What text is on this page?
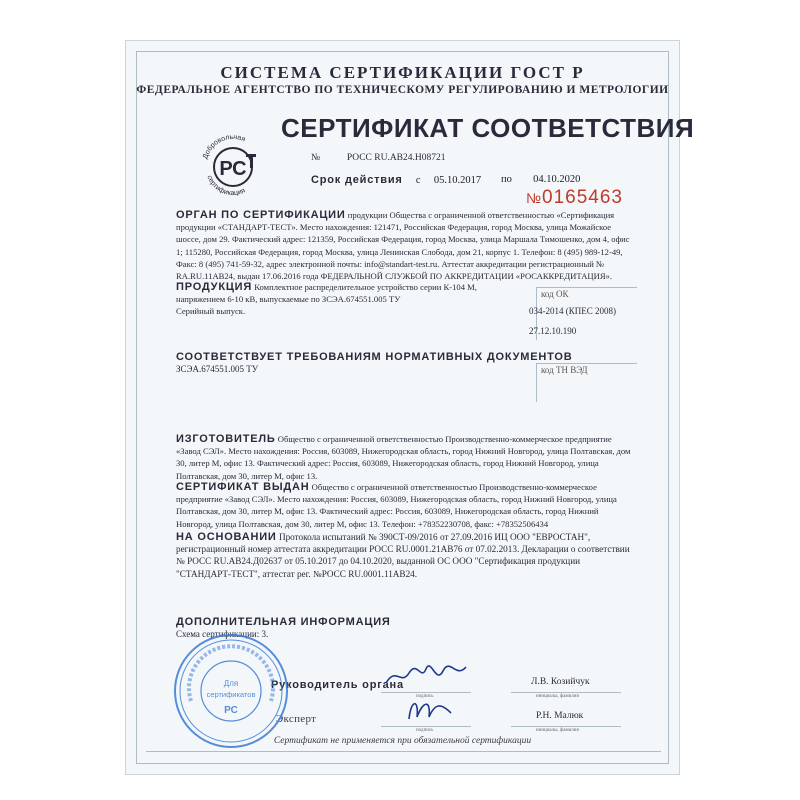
СИСТЕМА СЕРТИФИКАЦИИ ГОСТ Р
ФЕДЕРАЛЬНОЕ АГЕНТСТВО ПО ТЕХНИЧЕСКОМУ РЕГУЛИРОВАНИЮ И МЕТРОЛОГИИ
Добровольная
сертификация
РС
СЕРТИФИКАТ СООТВЕТСТВИЯ
№	РОСС RU.AB24.H08721
Срок действия с 05.10.2017 по 04.10.2020
№0165463
ОРГАН ПО СЕРТИФИКАЦИИ продукции Общества с ограниченной ответственностью «Сертификация продукции «СТАНДАРТ-ТЕСТ». Место нахождения: 121471, Российская Федерация, город Москва, улица Можайское шоссе, дом 29. Фактический адрес: 121359, Российская Федерация, город Москва, улица Маршала Тимошенко, дом 4, офис 1; 115280, Российская Федерация, город Москва, улица Ленинская Слобода, дом 21, корпус 1. Телефон: 8 (495) 989-12-49, Факс: 8 (495) 741-59-32, адрес электронной почты: info@standart-test.ru. Аттестат аккредитации регистрационный № RA.RU.11AB24, выдан 17.06.2016 года ФЕДЕРАЛЬНОЙ СЛУЖБОЙ ПО АККРЕДИТАЦИИ «РОСАККРЕДИТАЦИЯ».
ПРОДУКЦИЯ Комплектное распределительное устройство серии К-104 М, напряжением 6-10 кВ, выпускаемые по ЗСЭА.674551.005 ТУ
Серийный выпуск.
код ОК
034-2014 (КПЕС 2008)
27.12.10.190
СООТВЕТСТВУЕТ ТРЕБОВАНИЯМ НОРМАТИВНЫХ ДОКУМЕНТОВ
ЗСЭА.674551.005 ТУ	код ТН ВЭД
ИЗГОТОВИТЕЛЬ Общество с ограниченной ответственностью Производственно-коммерческое предприятие «Завод СЭЛ». Место нахождения: Россия, 603089, Нижегородская область, город Нижний Новгород, улица Полтавская, дом 30, литер М, офис 13. Фактический адрес: Россия, 603089, Нижегородская область, город Нижний Новгород, улица Полтавская, дом 30, литер М, офис 13.
СЕРТИФИКАТ ВЫДАН Общество с ограниченной ответственностью Производственно-коммерческое предприятие «Завод СЭЛ». Место нахождения: Россия, 603089, Нижегородская область, город Нижний Новгород, улица Полтавская, дом 30, литер М, офис 13. Фактический адрес: Россия, 603089, Нижегородская область, город Нижний Новгород, улица Полтавская, дом 30, литер М, офис 13. Телефон: +78352230708, факс: +78352506434
НА ОСНОВАНИИ Протокола испытаний № 390СТ-09/2016 от 27.09.2016 ИЦ ООО "ЕВРОСТАН", регистрационный номер аттестата аккредитации РОСС RU.0001.21АВ76 от 07.02.2013. Декларации о соответствии № РОСС RU.АВ24.Д02637 от 05.10.2017 до 04.10.2020, выданной ОС ООО "Сертификация продукции "СТАНДАРТ-ТЕСТ", аттестат рег. №РОСС RU.0001.11АВ24.
ДОПОЛНИТЕЛЬНАЯ ИНФОРМАЦИЯ
Схема сертификации: 3.
Руководитель органа
подпись
Л.В. Козийчук
инициалы, фамилия
Эксперт
подпись
Р.Н. Малюк
инициалы, фамилия
Сертификат не применяется при обязательной сертификации
Для
сертификатов
РС
